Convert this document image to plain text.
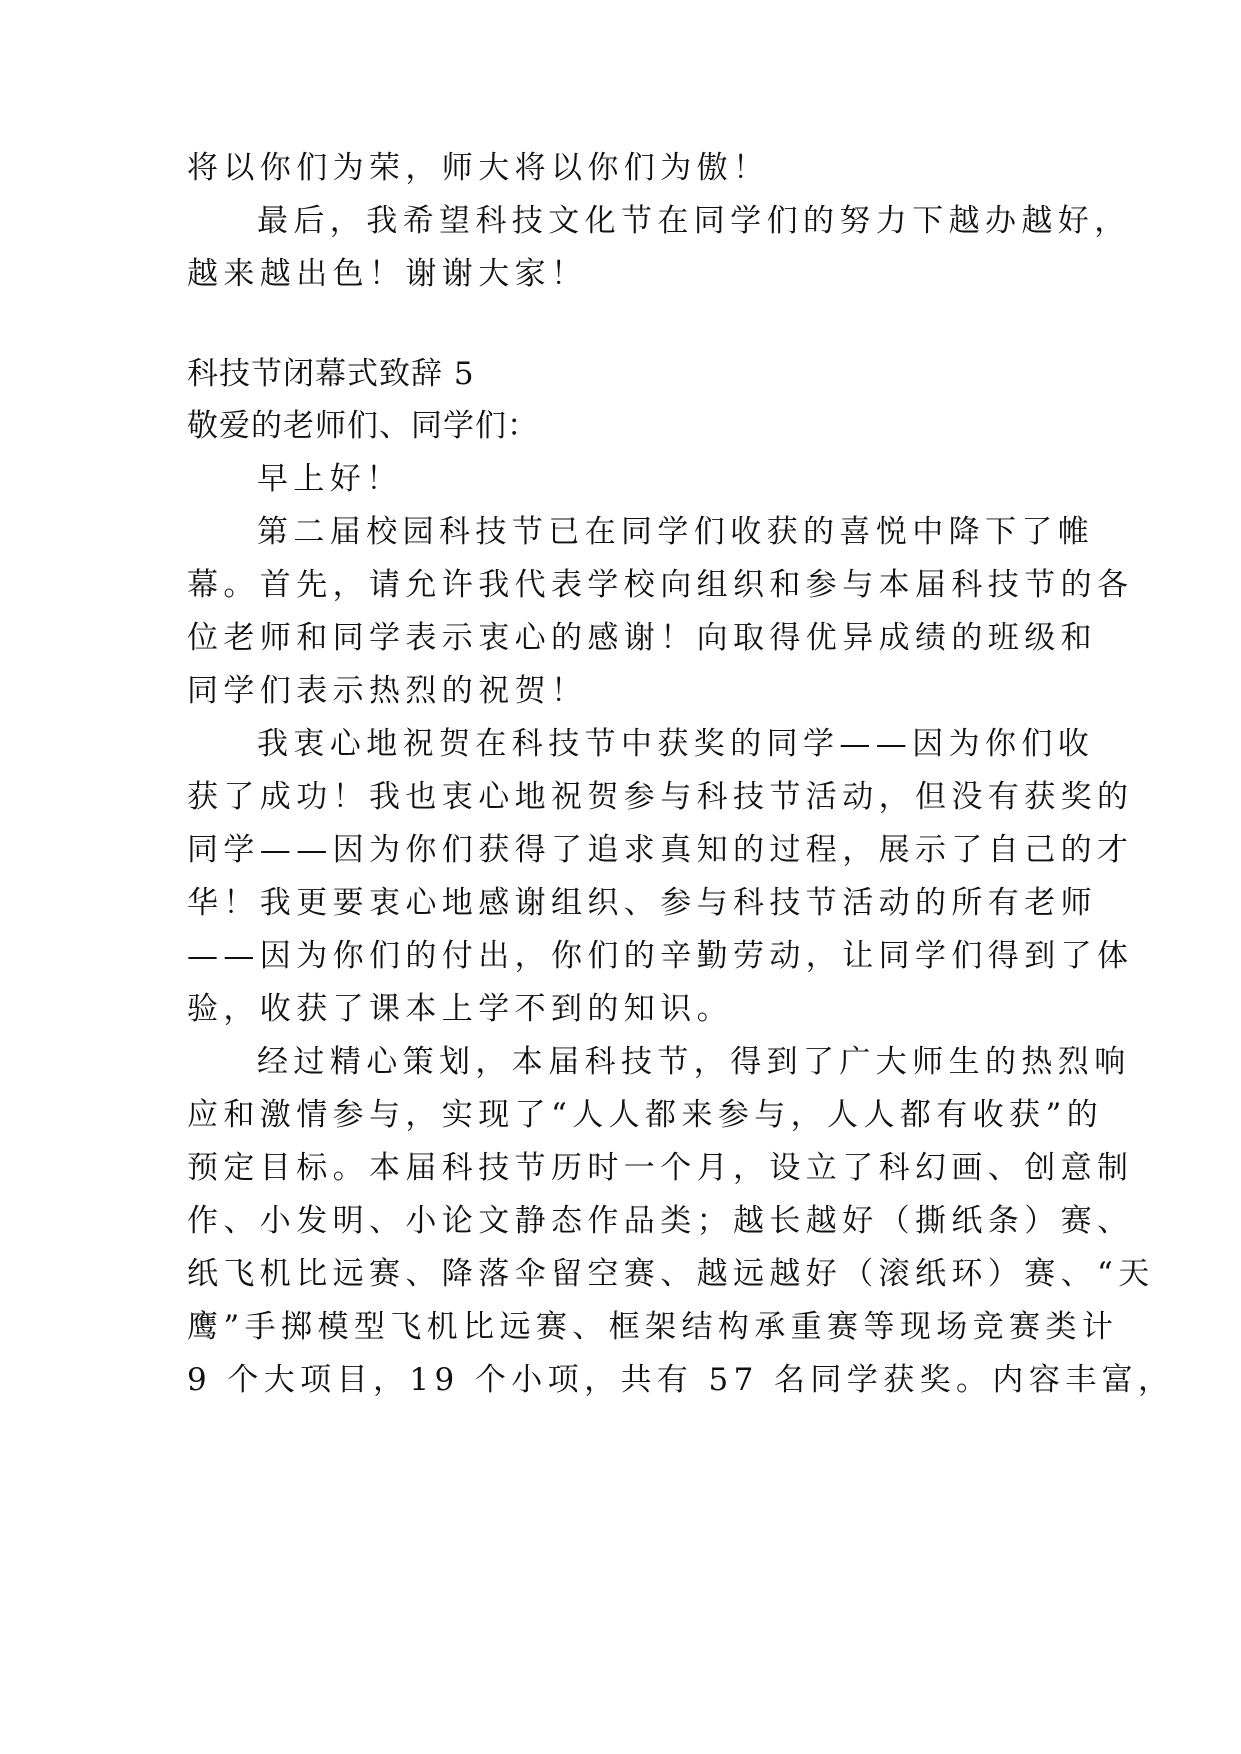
将以你们为荣，师大将以你们为傲！
最后，我希望科技文化节在同学们的努力下越办越好，
越来越出色！谢谢大家！
科技节闭幕式致辞 5
敬爱的老师们、同学们：
早上好！
第二届校园科技节已在同学们收获的喜悦中降下了帷
幕。首先，请允许我代表学校向组织和参与本届科技节的各
位老师和同学表示衷心的感谢！向取得优异成绩的班级和
同学们表示热烈的祝贺！
我衷心地祝贺在科技节中获奖的同学——因为你们收
获了成功！我也衷心地祝贺参与科技节活动，但没有获奖的
同学——因为你们获得了追求真知的过程，展示了自己的才
华！我更要衷心地感谢组织、参与科技节活动的所有老师
——因为你们的付出，你们的辛勤劳动，让同学们得到了体
验，收获了课本上学不到的知识。
经过精心策划，本届科技节，得到了广大师生的热烈响
应和激情参与，实现了“人人都来参与，人人都有收获”的
预定目标。本届科技节历时一个月，设立了科幻画、创意制
作、小发明、小论文静态作品类；越长越好（撕纸条）赛、
纸飞机比远赛、降落伞留空赛、越远越好（滚纸环）赛、“天
鹰”手掷模型飞机比远赛、框架结构承重赛等现场竞赛类计
9 个大项目，19 个小项，共有 57 名同学获奖。内容丰富，
